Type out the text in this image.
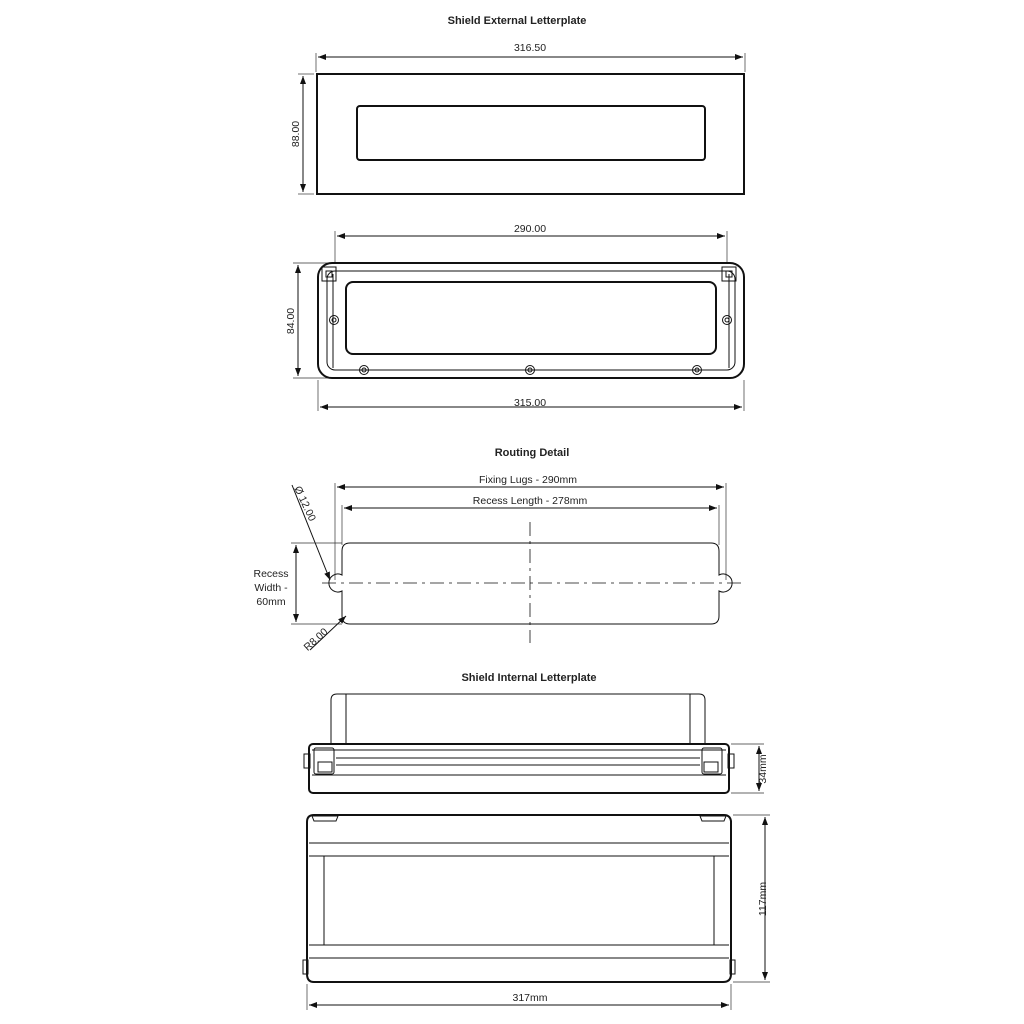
Shield External Letterplate
316.50
88.00
290.00
84.00
315.00
Routing Detail
Fixing Lugs - 290mm
Recess Length - 278mm
Ø 12.00
Recess
Width -
60mm
R8.00
Shield Internal Letterplate
34mm
117mm
317mm
